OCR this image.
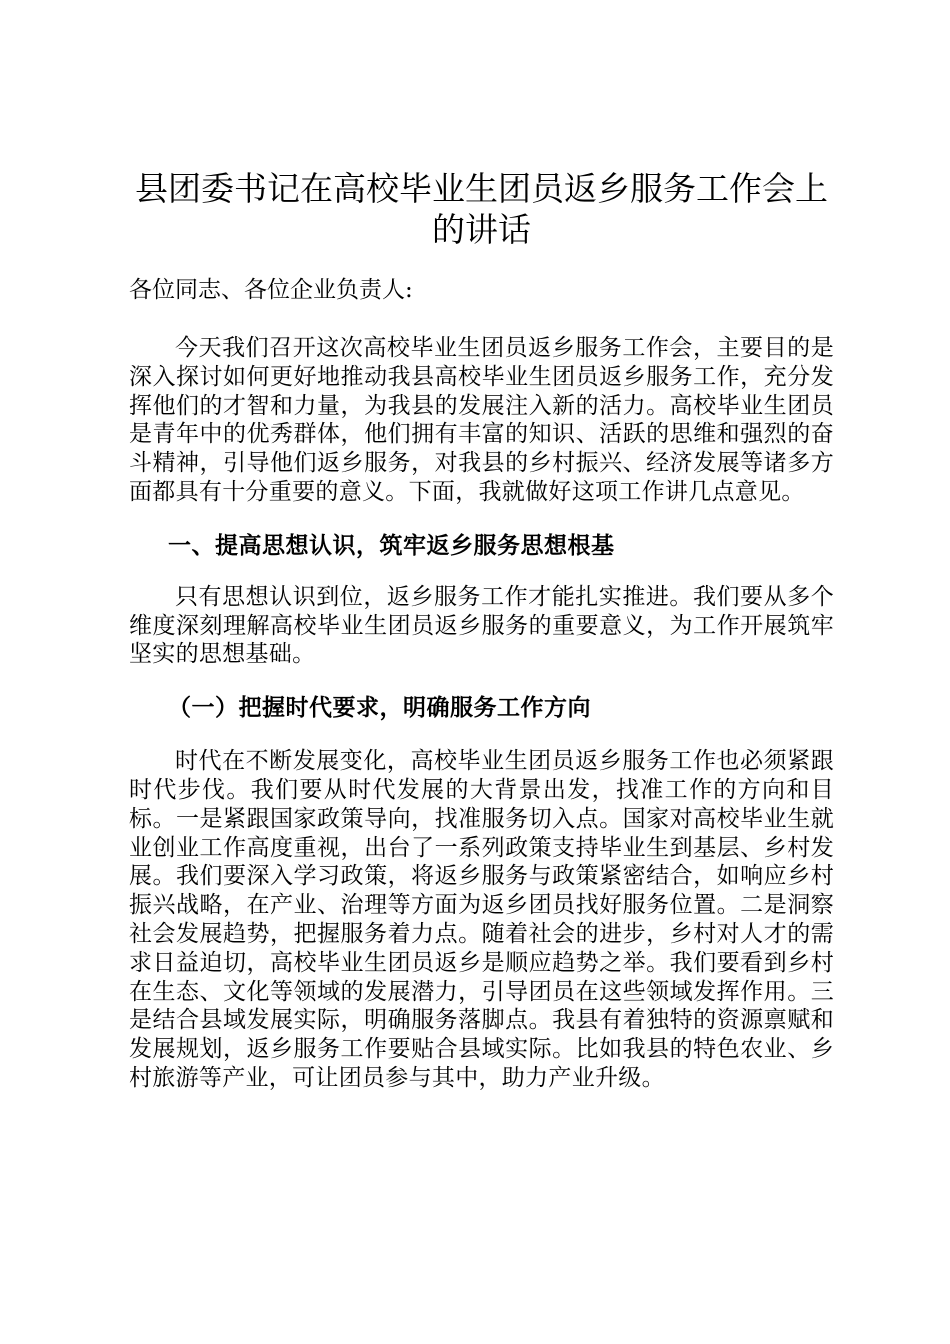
县团委书记在高校毕业生团员返乡服务工作会上的讲话

各位同志、各位企业负责人:

今天我们召开这次高校毕业生团员返乡服务工作会，主要目的是深入探讨如何更好地推动我县高校毕业生团员返乡服务工作，充分发挥他们的才智和力量，为我县的发展注入新的活力。高校毕业生团员是青年中的优秀群体，他们拥有丰富的知识、活跃的思维和强烈的奋斗精神，引导他们返乡服务，对我县的乡村振兴、经济发展等诸多方面都具有十分重要的意义。下面，我就做好这项工作讲几点意见。

一、提高思想认识，筑牢返乡服务思想根基

只有思想认识到位，返乡服务工作才能扎实推进。我们要从多个维度深刻理解高校毕业生团员返乡服务的重要意义，为工作开展筑牢坚实的思想基础。

（一）把握时代要求，明确服务工作方向

时代在不断发展变化，高校毕业生团员返乡服务工作也必须紧跟时代步伐。我们要从时代发展的大背景出发，找准工作的方向和目标。一是紧跟国家政策导向，找准服务切入点。国家对高校毕业生就业创业工作高度重视，出台了一系列政策支持毕业生到基层、乡村发展。我们要深入学习政策，将返乡服务与政策紧密结合，如响应乡村振兴战略，在产业、治理等方面为返乡团员找好服务位置。二是洞察社会发展趋势，把握服务着力点。随着社会的进步，乡村对人才的需求日益迫切，高校毕业生团员返乡是顺应趋势之举。我们要看到乡村在生态、文化等领域的发展潜力，引导团员在这些领域发挥作用。三是结合县域发展实际，明确服务落脚点。我县有着独特的资源禀赋和发展规划，返乡服务工作要贴合县域实际。比如我县的特色农业、乡村旅游等产业，可让团员参与其中，助力产业升级。
